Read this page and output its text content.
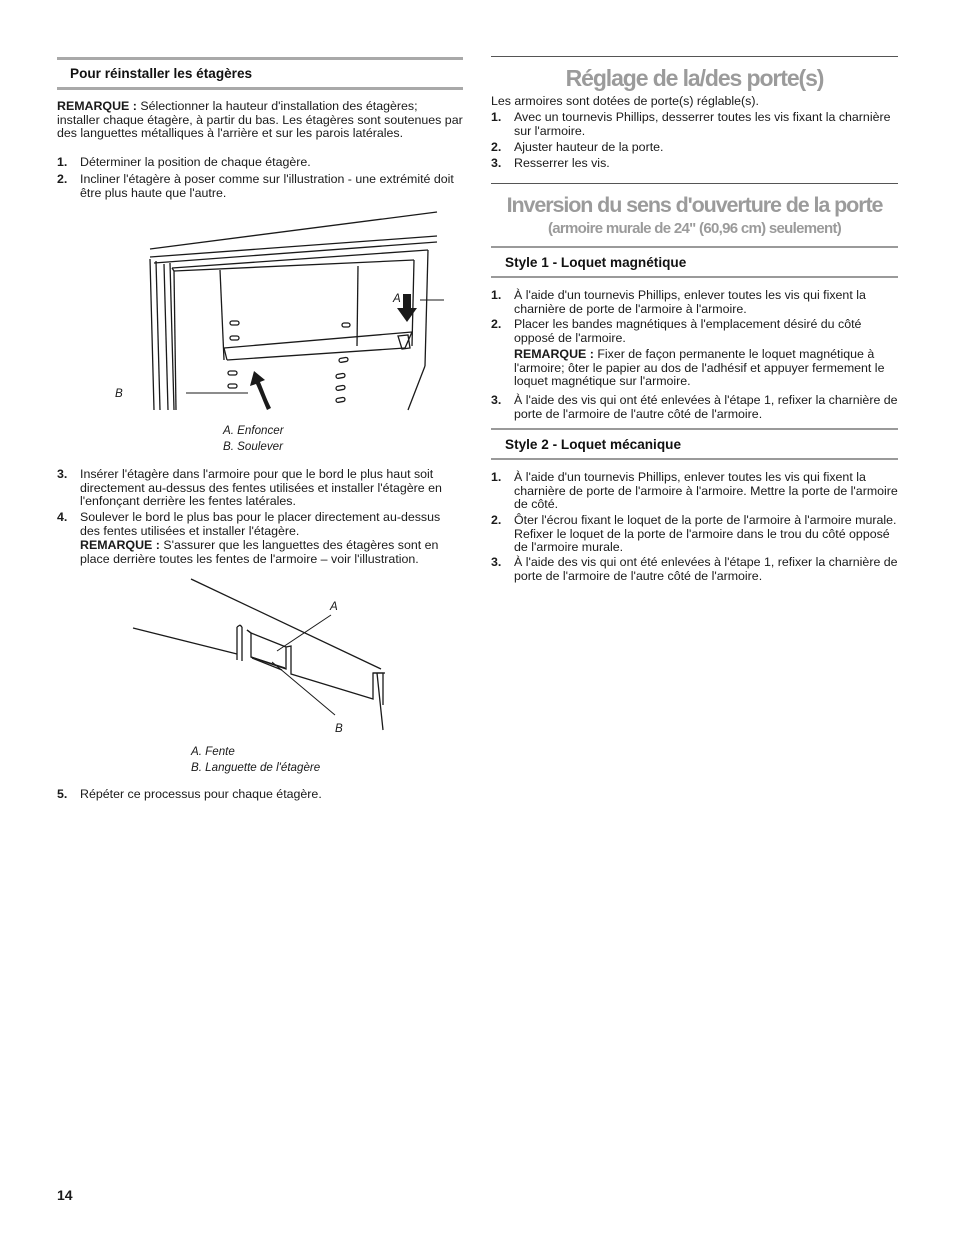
Pour réinstaller les étagères

REMARQUE : Sélectionner la hauteur d'installation des étagères; installer chaque étagère, à partir du bas. Les étagères sont soutenues par des languettes métalliques à l'arrière et sur les parois latérales.

1. Déterminer la position de chaque étagère.
2. Incliner l'étagère à poser comme sur l'illustration - une extrémité doit être plus haute que l'autre.
A
B
A. Enfoncer
B. Soulever
3. Insérer l'étagère dans l'armoire pour que le bord le plus haut soit directement au-dessus des fentes utilisées et installer l'étagère en l'enfonçant derrière les fentes latérales.
4. Soulever le bord le plus bas pour le placer directement au-dessus des fentes utilisées et installer l'étagère.

REMARQUE : S'assurer que les languettes des étagères sont en place derrière toutes les fentes de l'armoire – voir l'illustration.

A
B
A. Fente
B. Languette de l'étagère
5. Répéter ce processus pour chaque étagère.
Réglage de la/des porte(s)

Les armoires sont dotées de porte(s) réglable(s).

1. Avec un tournevis Phillips, desserrer toutes les vis fixant la charnière sur l'armoire.
2. Ajuster hauteur de la porte.
3. Resserrer les vis.
Inversion du sens d'ouverture de la porte
(armoire murale de 24" (60,96 cm) seulement)
Style 1 - Loquet magnétique
1. À l'aide d'un tournevis Phillips, enlever toutes les vis qui fixent la charnière de porte de l'armoire à l'armoire.
2. Placer les bandes magnétiques à l'emplacement désiré du côté opposé de l'armoire.

REMARQUE : Fixer de façon permanente le loquet magnétique à l'armoire; ôter le papier au dos de l'adhésif et appuyer fermement le loquet magnétique sur l'armoire.

3. À l'aide des vis qui ont été enlevées à l'étape 1, refixer la charnière de porte de l'armoire de l'autre côté de l'armoire.
Style 2 - Loquet mécanique
1. À l'aide d'un tournevis Phillips, enlever toutes les vis qui fixent la charnière de porte de l'armoire à l'armoire. Mettre la porte de l'armoire de côté.
2. Ôter l'écrou fixant le loquet de la porte de l'armoire à l'armoire murale. Refixer le loquet de la porte de l'armoire dans le trou du côté opposé de l'armoire murale.
3. À l'aide des vis qui ont été enlevées à l'étape 1, refixer la charnière de porte de l'armoire de l'autre côté de l'armoire.
14
